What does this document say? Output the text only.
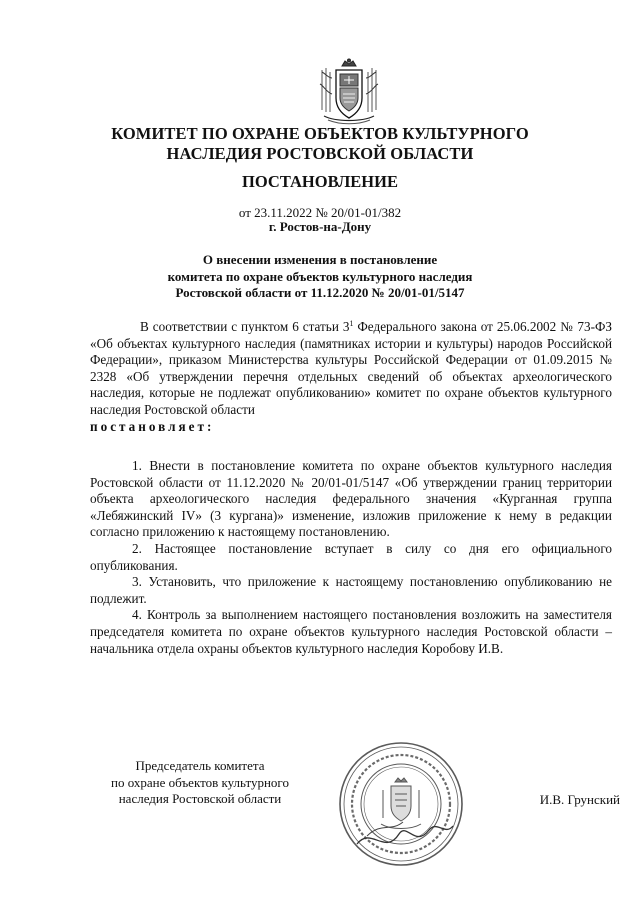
КОМИТЕТ ПО ОХРАНЕ ОБЪЕКТОВ КУЛЬТУРНОГО
НАСЛЕДИЯ РОСТОВСКОЙ ОБЛАСТИ
ПОСТАНОВЛЕНИЕ
от 23.11.2022 № 20/01-01/382
г. Ростов-на-Дону
О внесении изменения в постановление
комитета по охране объектов культурного наследия
Ростовской области от 11.12.2020 № 20/01-01/5147
В соответствии с пунктом 6 статьи $3^1$ Федерального закона от 25.06.2002 № 73-ФЗ «Об объектах культурного наследия (памятниках истории и культуры) народов Российской Федерации», приказом Министерства культуры Российской Федерации от 01.09.2015 № 2328 «Об утверждении перечня отдельных сведений об объектах археологического наследия, которые не подлежат опубликованию» комитет по охране объектов культурного наследия Ростовской области
постановляет:

1. Внести в постановление комитета по охране объектов культурного наследия Ростовской области от 11.12.2020 № 20/01-01/5147 «Об утверждении границ территории объекта археологического наследия федерального значения «Курганная группа «Лебяжинский IV» (3 кургана)» изменение, изложив приложение к нему в редакции согласно приложению к настоящему постановлению.

2. Настоящее постановление вступает в силу со дня его официального опубликования.

3. Установить, что приложение к настоящему постановлению опубликованию не подлежит.

4. Контроль за выполнением настоящего постановления возложить на заместителя председателя комитета по охране объектов культурного наследия Ростовской области – начальника отдела охраны объектов культурного наследия Коробову И.В.

Председатель комитета
по охране объектов культурного
наследия Ростовской области	И.В. Грунский
